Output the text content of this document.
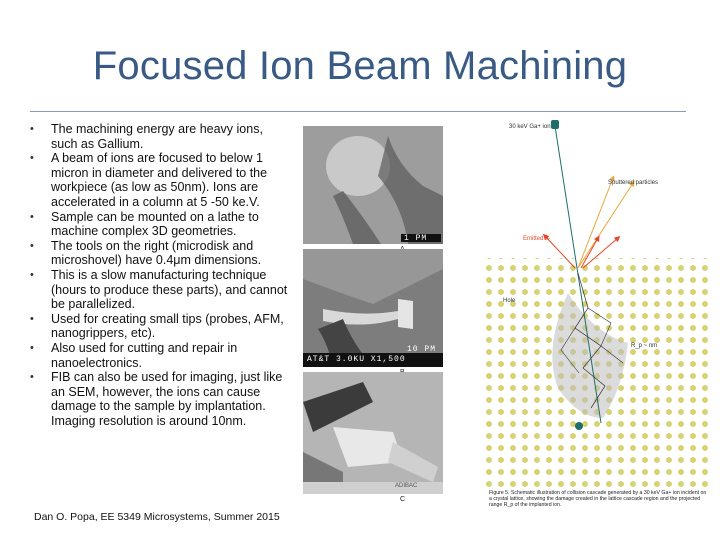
Focused Ion Beam Machining
• The machining energy are heavy ions, such as Gallium.
• A beam of ions are focused to below 1 micron in diameter and delivered to the workpiece (as low as 50nm). Ions are accelerated in a column at 5 -50 ke.V.
• Sample can be mounted on a lathe to machine complex 3D geometries.
• The tools on the right (microdisk and microshovel) have 0.4μm dimensions.
• This is a slow manufacturing technique (hours to produce these parts), and cannot be parallelized.
• Used for creating small tips (probes, AFM, nanogrippers, etc).
• Also used for cutting and repair in nanoelectronics.
• FIB can also be used for imaging, just like an SEM, however, the ions can cause damage to the sample by implantation. Imaging resolution is around 10nm.
1 PM
AT&T 3.0KU X1,500
10 PM
ADIBAC
C
30 keV Ga+ ion
Sputtered particles
Emitted e-
Hole
R_p ~ nm
Figure 5. Schematic illustration of collision cascade generated by a 30 keV Ga+ ion incident on a crystal lattice, showing the damage created in the lattice cascade region and the projected range R_p of the implanted ion.
Dan O. Popa, EE 5349 Microsystems, Summer 2015
